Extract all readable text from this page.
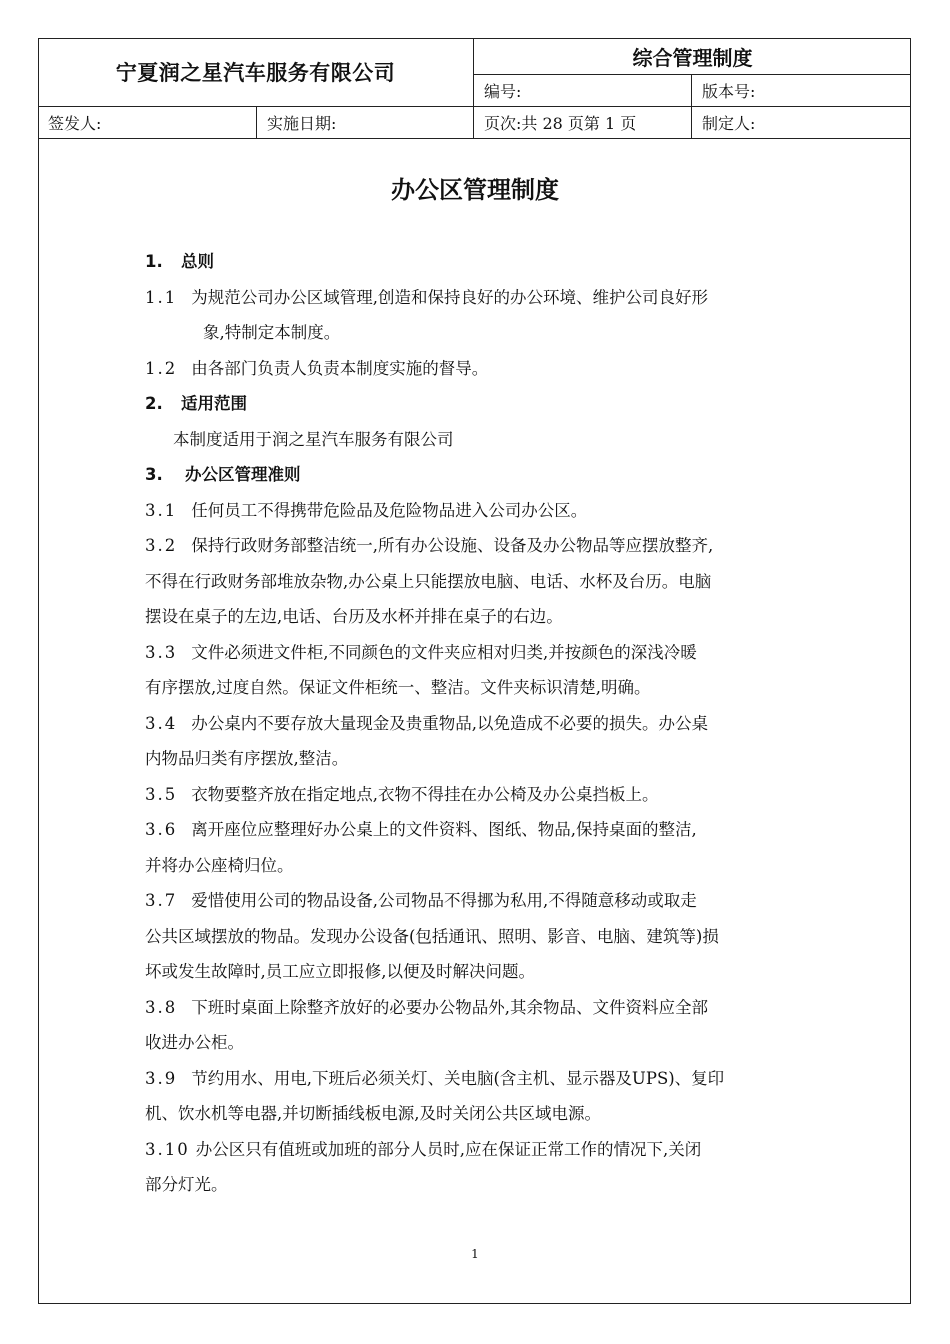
宁夏润之星汽车服务有限公司
综合管理制度
编号:	版本号:
签发人:	实施日期:	页次:共 28 页第 1 页	制定人:
办公区管理制度

1. 总则

1.1 为规范公司办公区域管理,创造和保持良好的办公环境、维护公司良好形

象,特制定本制度。

1.2 由各部门负责人负责本制度实施的督导。

2. 适用范围

本制度适用于润之星汽车服务有限公司

3. 办公区管理准则

3.1 任何员工不得携带危险品及危险物品进入公司办公区。

3.2 保持行政财务部整洁统一,所有办公设施、设备及办公物品等应摆放整齐,

不得在行政财务部堆放杂物,办公桌上只能摆放电脑、电话、水杯及台历。电脑

摆设在桌子的左边,电话、台历及水杯并排在桌子的右边。

3.3 文件必须进文件柜,不同颜色的文件夹应相对归类,并按颜色的深浅冷暖

有序摆放,过度自然。保证文件柜统一、整洁。文件夹标识清楚,明确。

3.4 办公桌内不要存放大量现金及贵重物品,以免造成不必要的损失。办公桌

内物品归类有序摆放,整洁。

3.5 衣物要整齐放在指定地点,衣物不得挂在办公椅及办公桌挡板上。

3.6 离开座位应整理好办公桌上的文件资料、图纸、物品,保持桌面的整洁,

并将办公座椅归位。

3.7 爱惜使用公司的物品设备,公司物品不得挪为私用,不得随意移动或取走

公共区域摆放的物品。发现办公设备(包括通讯、照明、影音、电脑、建筑等)损

坏或发生故障时,员工应立即报修,以便及时解决问题。

3.8 下班时桌面上除整齐放好的必要办公物品外,其余物品、文件资料应全部

收进办公柜。

3.9 节约用水、用电,下班后必须关灯、关电脑(含主机、显示器及UPS)、复印

机、饮水机等电器,并切断插线板电源,及时关闭公共区域电源。

3.10 办公区只有值班或加班的部分人员时,应在保证正常工作的情况下,关闭

部分灯光。

1
